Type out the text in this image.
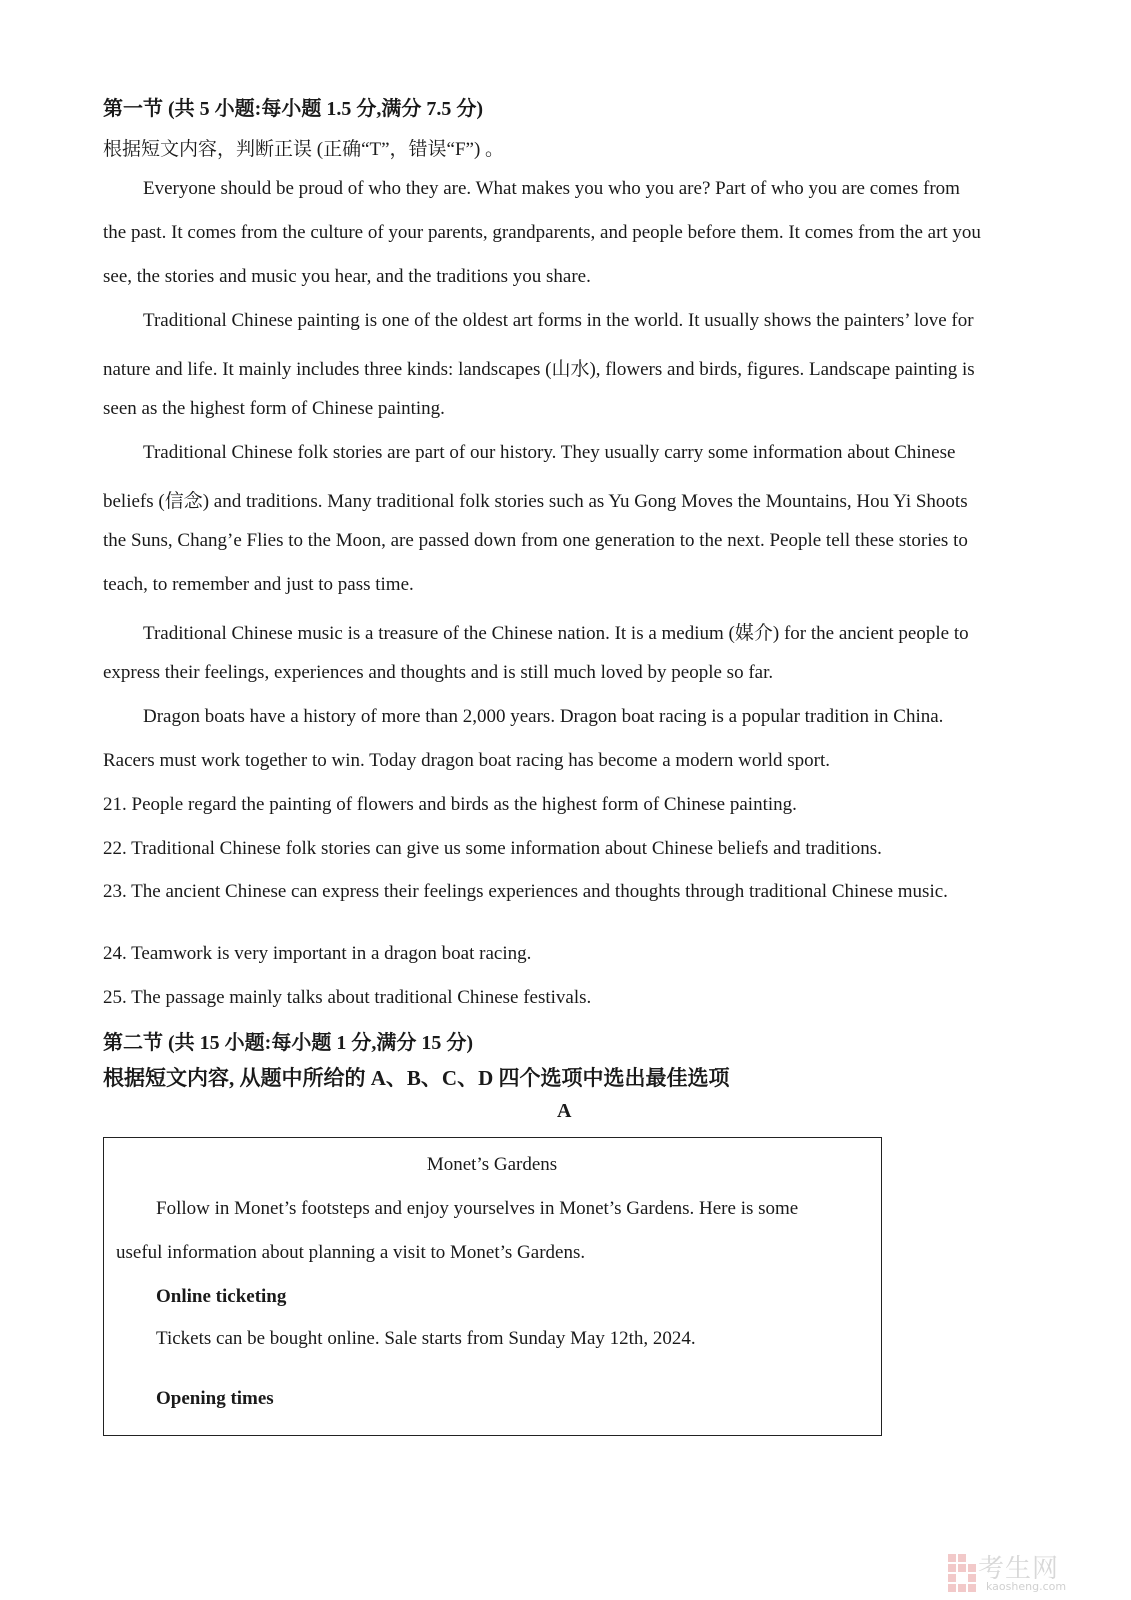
第一节 (共 5 小题:每小题 1.5 分,满分 7.5 分)
根据短文内容，判断正误 (正确“T”，错误“F”) 。
Everyone should be proud of who they are. What makes you who you are? Part of who you are comes from
the past. It comes from the culture of your parents, grandparents, and people before them. It comes from the art you
see, the stories and music you hear, and the traditions you share.
Traditional Chinese painting is one of the oldest art forms in the world. It usually shows the painters’ love for
nature and life. It mainly includes three kinds: landscapes (山水), flowers and birds, figures. Landscape painting is
seen as the highest form of Chinese painting.
Traditional Chinese folk stories are part of our history. They usually carry some information about Chinese
beliefs (信念) and traditions. Many traditional folk stories such as Yu Gong Moves the Mountains, Hou Yi Shoots
the Suns, Chang’e Flies to the Moon, are passed down from one generation to the next. People tell these stories to
teach, to remember and just to pass time.
Traditional Chinese music is a treasure of the Chinese nation. It is a medium (媒介) for the ancient people to
express their feelings, experiences and thoughts and is still much loved by people so far.
Dragon boats have a history of more than 2,000 years. Dragon boat racing is a popular tradition in China.
Racers must work together to win. Today dragon boat racing has become a modern world sport.
21. People regard the painting of flowers and birds as the highest form of Chinese painting.
22. Traditional Chinese folk stories can give us some information about Chinese beliefs and traditions.
23. The ancient Chinese can express their feelings experiences and thoughts through traditional Chinese music.
24. Teamwork is very important in a dragon boat racing.
25. The passage mainly talks about traditional Chinese festivals.
第二节 (共 15 小题:每小题 1 分,满分 15 分)
根据短文内容, 从题中所给的 A、B、C、D 四个选项中选出最佳选项
A
Monet’s Gardens
Follow in Monet’s footsteps and enjoy yourselves in Monet’s Gardens. Here is some
useful information about planning a visit to Monet’s Gardens.
Online ticketing
Tickets can be bought online. Sale starts from Sunday May 12th, 2024.
Opening times
考生网
kaosheng.com
